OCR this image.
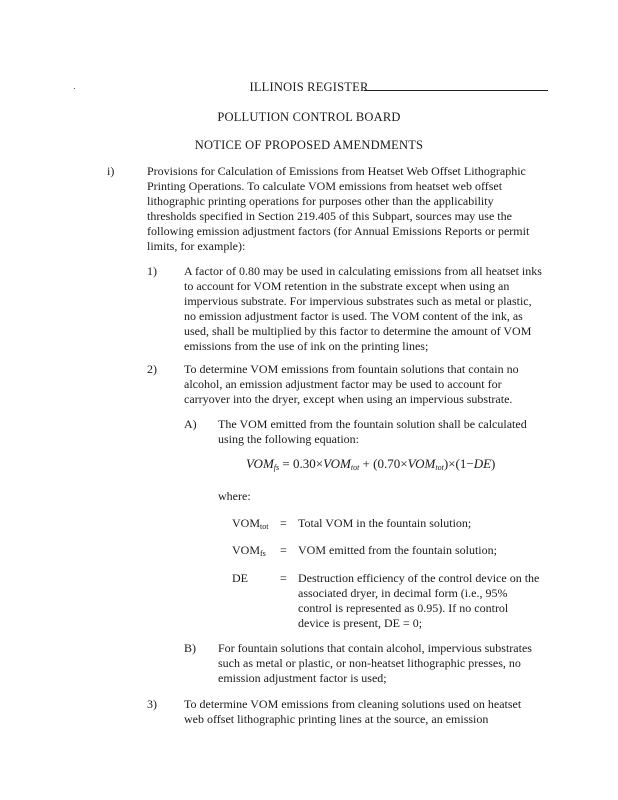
ILLINOIS REGISTER
POLLUTION CONTROL BOARD
NOTICE OF PROPOSED AMENDMENTS
i)	Provisions for Calculation of Emissions from Heatset Web Offset Lithographic
Printing Operations. To calculate VOM emissions from heatset web offset
lithographic printing operations for purposes other than the applicability
thresholds specified in Section 219.405 of this Subpart, sources may use the
following emission adjustment factors (for Annual Emissions Reports or permit
limits, for example):
1) A factor of 0.80 may be used in calculating emissions from all heatset inks
to account for VOM retention in the substrate except when using an
impervious substrate. For impervious substrates such as metal or plastic,
no emission adjustment factor is used. The VOM content of the ink, as
used, shall be multiplied by this factor to determine the amount of VOM
emissions from the use of ink on the printing lines;
2) To determine VOM emissions from fountain solutions that contain no
alcohol, an emission adjustment factor may be used to account for
carryover into the dryer, except when using an impervious substrate.
A) The VOM emitted from the fountain solution shall be calculated
using the following equation:
$VOM_{fs} = 0.30\times VOM_{tot} + (0.70\times VOM_{tot})\times(1-DE)$
where:
$VOM_{tot}$ = Total VOM in the fountain solution;
$VOM_{fs}$ = VOM emitted from the fountain solution;
DE	= Destruction efficiency of the control device on the
associated dryer, in decimal form (i.e., 95%
control is represented as 0.95). If no control
device is present, DE = 0;
B) For fountain solutions that contain alcohol, impervious substrates
such as metal or plastic, or non-heatset lithographic presses, no
emission adjustment factor is used;
3) To determine VOM emissions from cleaning solutions used on heatset
web offset lithographic printing lines at the source, an emission
